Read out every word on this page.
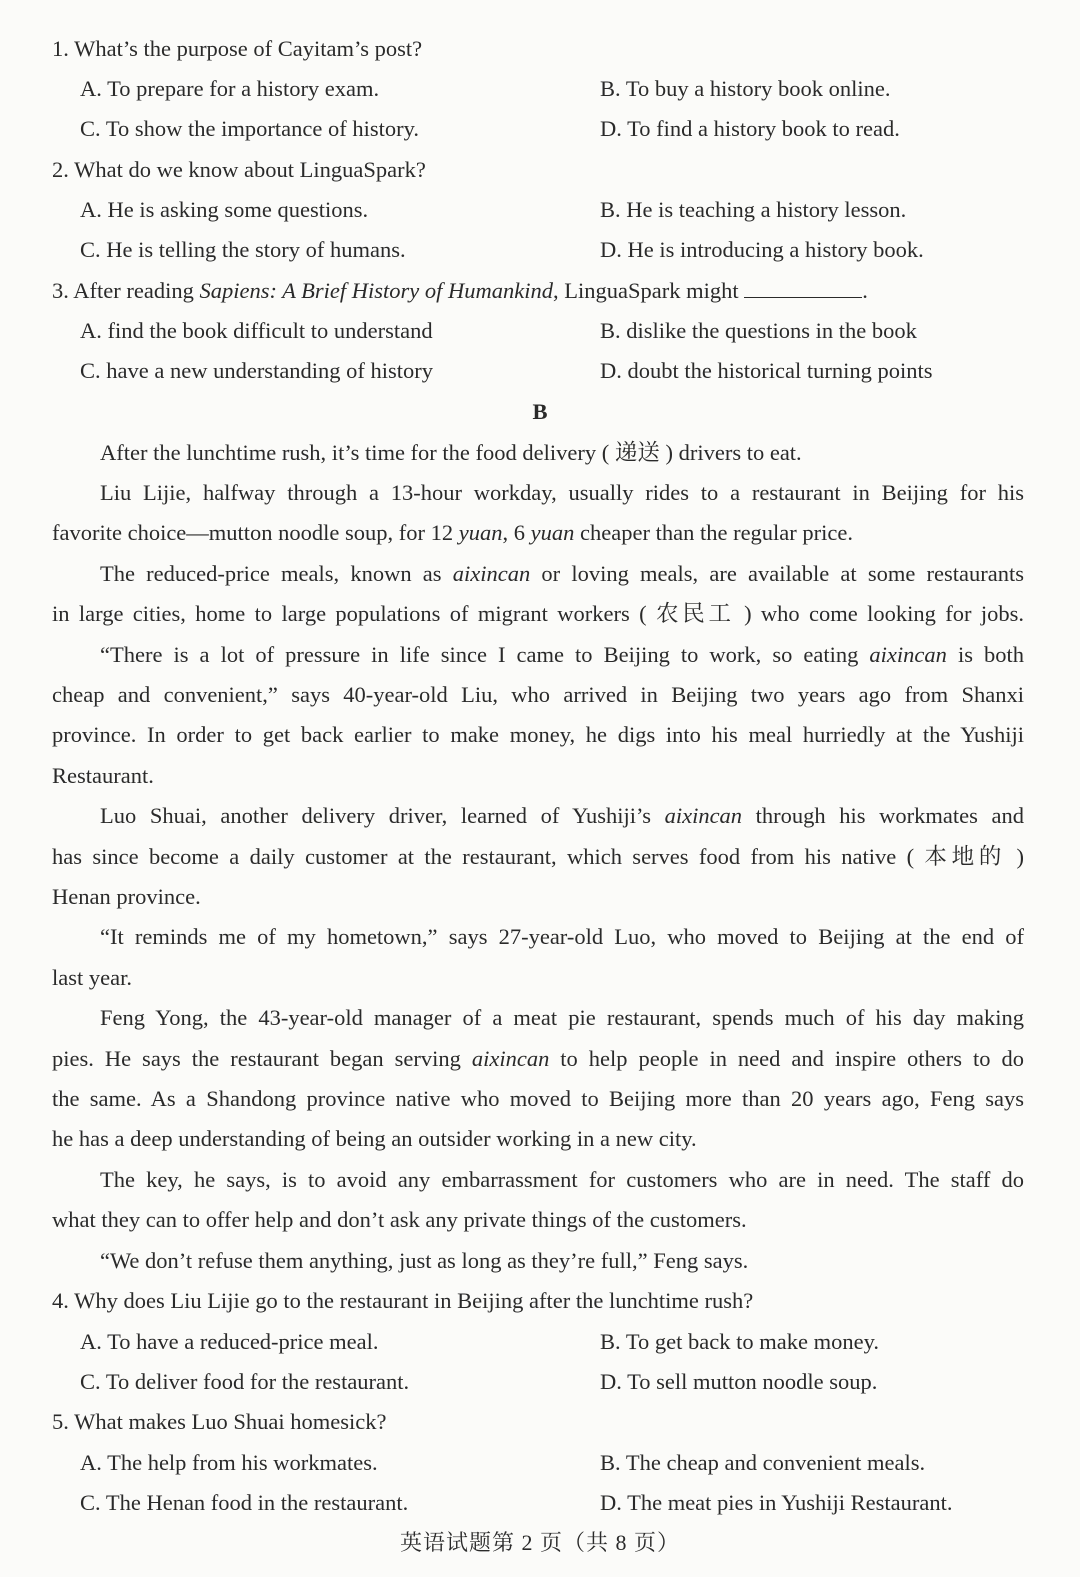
1. What’s the purpose of Cayitam’s post?
A. To prepare for a history exam.	B. To buy a history book online.
C. To show the importance of history.	D. To find a history book to read.
2. What do we know about LinguaSpark?
A. He is asking some questions.	B. He is teaching a history lesson.
C. He is telling the story of humans.	D. He is introducing a history book.
3. After reading Sapiens: A Brief History of Humankind, LinguaSpark might	.
A. find the book difficult to understand	B. dislike the questions in the book
C. have a new understanding of history	D. doubt the historical turning points
B
After the lunchtime rush, it’s time for the food delivery ( 递送 ) drivers to eat.
Liu Lijie, halfway through a 13-hour workday, usually rides to a restaurant in Beijing for his
favorite choice—mutton noodle soup, for 12 yuan, 6 yuan cheaper than the regular price.
The reduced-price meals, known as aixincan or loving meals, are available at some restaurants
in large cities, home to large populations of migrant workers ( 农民工 ) who come looking for jobs.
“There is a lot of pressure in life since I came to Beijing to work, so eating aixincan is both
cheap and convenient,” says 40-year-old Liu, who arrived in Beijing two years ago from Shanxi
province. In order to get back earlier to make money, he digs into his meal hurriedly at the Yushiji
Restaurant.
Luo Shuai, another delivery driver, learned of Yushiji’s aixincan through his workmates and
has since become a daily customer at the restaurant, which serves food from his native ( 本地的 )
Henan province.
“It reminds me of my hometown,” says 27-year-old Luo, who moved to Beijing at the end of
last year.
Feng Yong, the 43-year-old manager of a meat pie restaurant, spends much of his day making
pies. He says the restaurant began serving aixincan to help people in need and inspire others to do
the same. As a Shandong province native who moved to Beijing more than 20 years ago, Feng says
he has a deep understanding of being an outsider working in a new city.
The key, he says, is to avoid any embarrassment for customers who are in need. The staff do
what they can to offer help and don’t ask any private things of the customers.
“We don’t refuse them anything, just as long as they’re full,” Feng says.
4. Why does Liu Lijie go to the restaurant in Beijing after the lunchtime rush?
A. To have a reduced-price meal.	B. To get back to make money.
C. To deliver food for the restaurant.	D. To sell mutton noodle soup.
5. What makes Luo Shuai homesick?
A. The help from his workmates.	B. The cheap and convenient meals.
C. The Henan food in the restaurant.	D. The meat pies in Yushiji Restaurant.
英语试题第 2 页（共 8 页）
